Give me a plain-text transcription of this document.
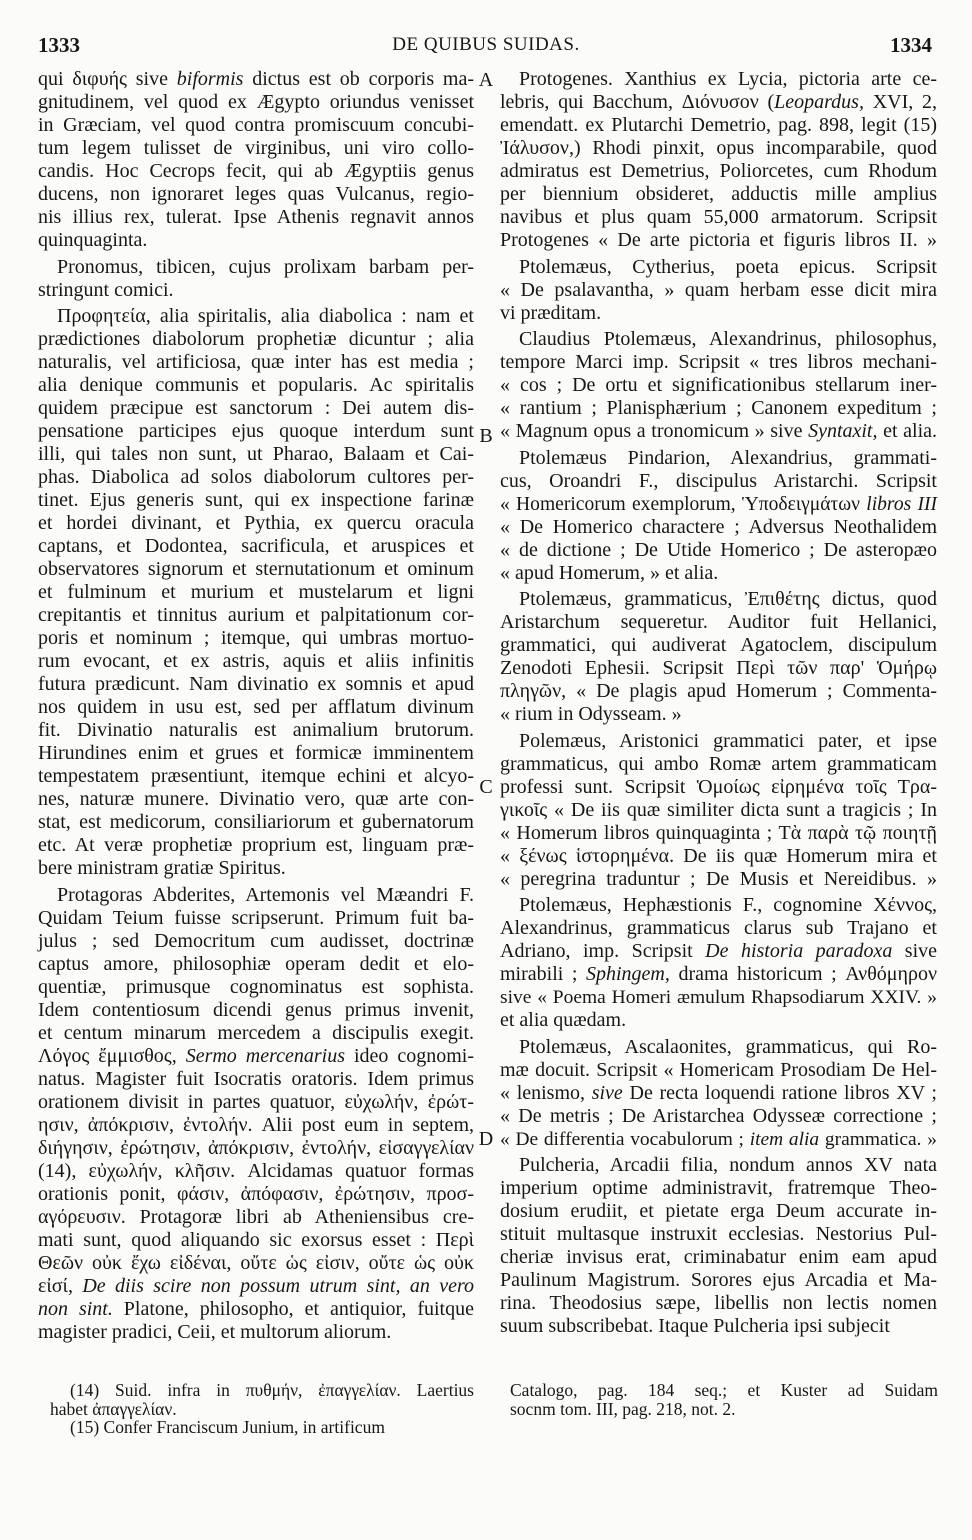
1333	DE QUIBUS SUIDAS.	1334
qui διφυής sive biformis dictus est ob corporis ma-
gnitudinem, vel quod ex Ægypto oriundus venisset
in Græciam, vel quod contra promiscuum concubi-
tum legem tulisset de virginibus, uni viro collo-
candis. Hoc Cecrops fecit, qui ab Ægyptiis genus
ducens, non ignoraret leges quas Vulcanus, regio-
nis illius rex, tulerat. Ipse Athenis regnavit annos
quinquaginta.
Pronomus, tibicen, cujus prolixam barbam per-
stringunt comici.
Προφητεία, alia spiritalis, alia diabolica : nam et
prædictiones diabolorum prophetiæ dicuntur ; alia
naturalis, vel artificiosa, quæ inter has est media ;
alia denique communis et popularis. Ac spiritalis
quidem præcipue est sanctorum : Dei autem dis-
pensatione participes ejus quoque interdum sunt
illi, qui tales non sunt, ut Pharao, Balaam et Cai-
phas. Diabolica ad solos diabolorum cultores per-
tinet. Ejus generis sunt, qui ex inspectione farinæ
et hordei divinant, et Pythia, ex quercu oracula
captans, et Dodontea, sacrificula, et aruspices et
observatores signorum et sternutationum et ominum
et fulminum et murium et mustelarum et ligni
crepitantis et tinnitus aurium et palpitationum cor-
poris et nominum ; itemque, qui umbras mortuo-
rum evocant, et ex astris, aquis et aliis infinitis
futura prædicunt. Nam divinatio ex somnis et apud
nos quidem in usu est, sed per afflatum divinum
fit. Divinatio naturalis est animalium brutorum.
Hirundines enim et grues et formicæ imminentem
tempestatem præsentiunt, itemque echini et alcyo-
nes, naturæ munere. Divinatio vero, quæ arte con-
stat, est medicorum, consiliariorum et gubernatorum
etc. At veræ prophetiæ proprium est, linguam præ-
bere ministram gratiæ Spiritus.
Protagoras Abderites, Artemonis vel Mæandri F.
Quidam Teium fuisse scripserunt. Primum fuit ba-
julus ; sed Democritum cum audisset, doctrinæ
captus amore, philosophiæ operam dedit et elo-
quentiæ, primusque cognominatus est sophista.
Idem contentiosum dicendi genus primus invenit,
et centum minarum mercedem a discipulis exegit.
Λόγος ἔμμισθος, Sermo mercenarius ideo cognomi-
natus. Magister fuit Isocratis oratoris. Idem primus
orationem divisit in partes quatuor, εὐχωλήν, ἐρώτ-
ησιν, ἀπόκρισιν, ἐντολήν. Alii post eum in septem,
διήγησιν, ἐρώτησιν, ἀπόκρισιν, ἐντολήν, εἰσαγγελίαν
(14), εὐχωλήν, κλῆσιν. Alcidamas quatuor formas
orationis ponit, φάσιν, ἀπόφασιν, ἐρώτησιν, προσ-
αγόρευσιν. Protagoræ libri ab Atheniensibus cre-
mati sunt, quod aliquando sic exorsus esset : Περὶ
Θεῶν οὐκ ἔχω εἰδέναι, οὔτε ὡς εἰσιν, οὔτε ὡς οὐκ
εἰσί, De diis scire non possum utrum sint, an vero
non sint. Platone, philosopho, et antiquior, fuitque
magister pradici, Ceii, et multorum aliorum.
A
B
C
D
Protogenes. Xanthius ex Lycia, pictoria arte ce-
lebris, qui Bacchum, Διόνυσον (Leopardus, XVI, 2,
emendatt. ex Plutarchi Demetrio, pag. 898, legit (15)
Ἰάλυσον,) Rhodi pinxit, opus incomparabile, quod
admiratus est Demetrius, Poliorcetes, cum Rhodum
per biennium obsideret, adductis mille amplius
navibus et plus quam 55,000 armatorum. Scripsit
Protogenes « De arte pictoria et figuris libros II. »
Ptolemæus, Cytherius, poeta epicus. Scripsit
« De psalavantha, » quam herbam esse dicit mira
vi præditam.
Claudius Ptolemæus, Alexandrinus, philosophus,
tempore Marci imp. Scripsit « tres libros mechani-
« cos ; De ortu et significationibus stellarum iner-
« rantium ; Planisphærium ; Canonem expeditum ;
« Magnum opus a tronomicum » sive Syntaxit, et alia.
Ptolemæus Pindarion, Alexandrius, grammati-
cus, Oroandri F., discipulus Aristarchi. Scripsit
« Homericorum exemplorum, Ὑποδειγμάτων libros III
« De Homerico charactere ; Adversus Neothalidem
« de dictione ; De Utide Homerico ; De asteropæo
« apud Homerum, » et alia.
Ptolemæus, grammaticus, Ἐπιθέτης dictus, quod
Aristarchum sequeretur. Auditor fuit Hellanici,
grammatici, qui audiverat Agatoclem, discipulum
Zenodoti Ephesii. Scripsit Περὶ τῶν παρ' Ὁμήρῳ
πληγῶν, « De plagis apud Homerum ; Commenta-
« rium in Odysseam. »
Polemæus, Aristonici grammatici pater, et ipse
grammaticus, qui ambo Romæ artem grammaticam
professi sunt. Scripsit Ὁμοίως εἰρημένα τοῖς Τρα-
γικοῖς « De iis quæ similiter dicta sunt a tragicis ; In
« Homerum libros quinquaginta ; Τὰ παρὰ τῷ ποιητῇ
« ξένως ἱστορημένα. De iis quæ Homerum mira et
« peregrina traduntur ; De Musis et Nereidibus. »
Ptolemæus, Hephæstionis F., cognomine Χέννος,
Alexandrinus, grammaticus clarus sub Trajano et
Adriano, imp. Scripsit De historia paradoxa sive
mirabili ; Sphingem, drama historicum ; Ανθόμηρον
sive « Poema Homeri æmulum Rhapsodiarum XXIV. »
et alia quædam.
Ptolemæus, Ascalaonites, grammaticus, qui Ro-
mæ docuit. Scripsit « Homericam Prosodiam De Hel-
« lenismo, sive De recta loquendi ratione libros XV ;
« De metris ; De Aristarchea Odysseæ correctione ;
« De differentia vocabulorum ; item alia grammatica. »
Pulcheria, Arcadii filia, nondum annos XV nata
imperium optime administravit, fratremque Theo-
dosium erudiit, et pietate erga Deum accurate in-
stituit multasque instruxit ecclesias. Nestorius Pul-
cheriæ invisus erat, criminabatur enim eam apud
Paulinum Magistrum. Sorores ejus Arcadia et Ma-
rina. Theodosius sæpe, libellis non lectis nomen
suum subscribebat. Itaque Pulcheria ipsi subjecit
(14) Suid. infra in πυθμήν, ἐπαγγελίαν. Laertius
habet ἀπαγγελίαν.
(15) Confer Franciscum Junium, in artificum
Catalogo, pag. 184 seq.; et Kuster ad Suidam
socnm tom. III, pag. 218, not. 2.
